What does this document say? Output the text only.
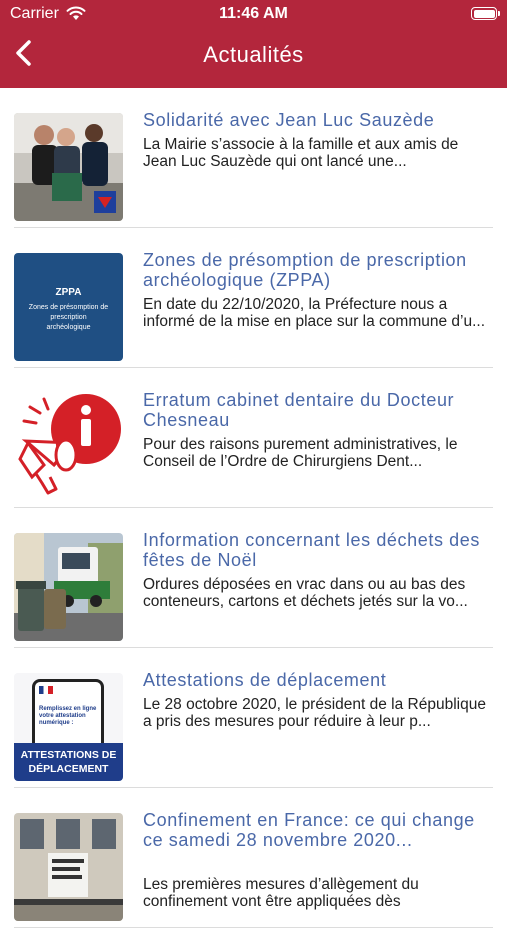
Carrier	11:46 AM
Actualités
Solidarité avec Jean Luc Sauzède
La Mairie s’associe à la famille et aux amis de Jean Luc Sauzède qui ont lancé une...
ZPPA
Zones de présomption de prescription archéologique
Zones de présomption de prescription archéologique (ZPPA)
En date du 22/10/2020, la Préfecture nous a informé de la mise en place sur la commune d’u...
Erratum cabinet dentaire du Docteur Chesneau
Pour des raisons purement administratives, le Conseil de l’Ordre de Chirurgiens Dent...
Information concernant les déchets des fêtes de Noël
Ordures déposées en vrac dans ou au bas des conteneurs, cartons et déchets jetés sur la vo...
Remplissez en ligne votre attestation numérique :
ATTESTATIONS DE DÉPLACEMENT
Attestations de déplacement
Le 28 octobre 2020, le président de la République a pris des mesures pour réduire à leur p...
Confinement en France: ce qui change ce samedi 28 novembre 2020...
Les premières mesures d’allègement du confinement vont être appliquées dès
